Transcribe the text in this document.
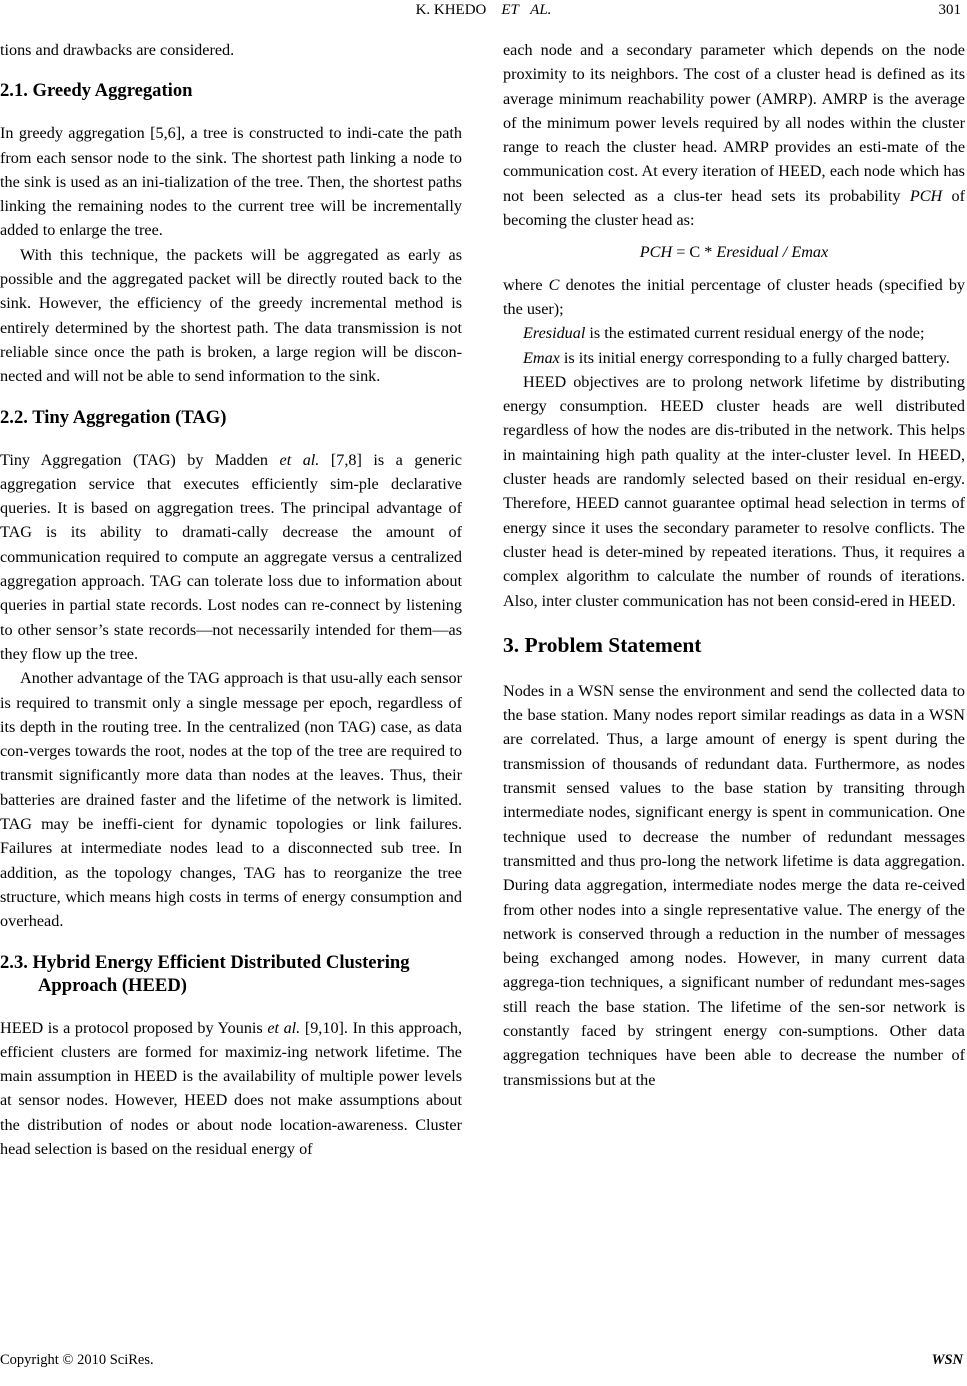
K. KHEDO ET AL.	301

tions and drawbacks are considered.

2.1. Greedy Aggregation

In greedy aggregation [5,6], a tree is constructed to indi-cate the path from each sensor node to the sink. The shortest path linking a node to the sink is used as an ini-tialization of the tree. Then, the shortest paths linking the remaining nodes to the current tree will be incrementally added to enlarge the tree.

With this technique, the packets will be aggregated as early as possible and the aggregated packet will be directly routed back to the sink. However, the efficiency of the greedy incremental method is entirely determined by the shortest path. The data transmission is not reliable since once the path is broken, a large region will be discon-nected and will not be able to send information to the sink.

2.2. Tiny Aggregation (TAG)

Tiny Aggregation (TAG) by Madden et al. [7,8] is a generic aggregation service that executes efficiently sim-ple declarative queries. It is based on aggregation trees. The principal advantage of TAG is its ability to dramati-cally decrease the amount of communication required to compute an aggregate versus a centralized aggregation approach. TAG can tolerate loss due to information about queries in partial state records. Lost nodes can re-connect by listening to other sensor’s state records—not necessarily intended for them—as they flow up the tree.

Another advantage of the TAG approach is that usu-ally each sensor is required to transmit only a single message per epoch, regardless of its depth in the routing tree. In the centralized (non TAG) case, as data con-verges towards the root, nodes at the top of the tree are required to transmit significantly more data than nodes at the leaves. Thus, their batteries are drained faster and the lifetime of the network is limited. TAG may be ineffi-cient for dynamic topologies or link failures. Failures at intermediate nodes lead to a disconnected sub tree. In addition, as the topology changes, TAG has to reorganize the tree structure, which means high costs in terms of energy consumption and overhead.

2.3. Hybrid Energy Efficient Distributed Clustering Approach (HEED)

HEED is a protocol proposed by Younis et al. [9,10]. In this approach, efficient clusters are formed for maximiz-ing network lifetime. The main assumption in HEED is the availability of multiple power levels at sensor nodes. However, HEED does not make assumptions about the distribution of nodes or about node location-awareness. Cluster head selection is based on the residual energy of

each node and a secondary parameter which depends on the node proximity to its neighbors. The cost of a cluster head is defined as its average minimum reachability power (AMRP). AMRP is the average of the minimum power levels required by all nodes within the cluster range to reach the cluster head. AMRP provides an esti-mate of the communication cost. At every iteration of HEED, each node which has not been selected as a clus-ter head sets its probability PCH of becoming the cluster head as:

PCH = C * Eresidual / Emax

where C denotes the initial percentage of cluster heads (specified by the user);

Eresidual is the estimated current residual energy of the node;

Emax is its initial energy corresponding to a fully charged battery.

HEED objectives are to prolong network lifetime by distributing energy consumption. HEED cluster heads are well distributed regardless of how the nodes are dis-tributed in the network. This helps in maintaining high path quality at the inter-cluster level. In HEED, cluster heads are randomly selected based on their residual en-ergy. Therefore, HEED cannot guarantee optimal head selection in terms of energy since it uses the secondary parameter to resolve conflicts. The cluster head is deter-mined by repeated iterations. Thus, it requires a complex algorithm to calculate the number of rounds of iterations. Also, inter cluster communication has not been consid-ered in HEED.

3. Problem Statement

Nodes in a WSN sense the environment and send the collected data to the base station. Many nodes report similar readings as data in a WSN are correlated. Thus, a large amount of energy is spent during the transmission of thousands of redundant data. Furthermore, as nodes transmit sensed values to the base station by transiting through intermediate nodes, significant energy is spent in communication. One technique used to decrease the number of redundant messages transmitted and thus pro-long the network lifetime is data aggregation. During data aggregation, intermediate nodes merge the data re-ceived from other nodes into a single representative value. The energy of the network is conserved through a reduction in the number of messages being exchanged among nodes. However, in many current data aggrega-tion techniques, a significant number of redundant mes-sages still reach the base station. The lifetime of the sen-sor network is constantly faced by stringent energy con-sumptions. Other data aggregation techniques have been able to decrease the number of transmissions but at the

Copyright © 2010 SciRes.	WSN
